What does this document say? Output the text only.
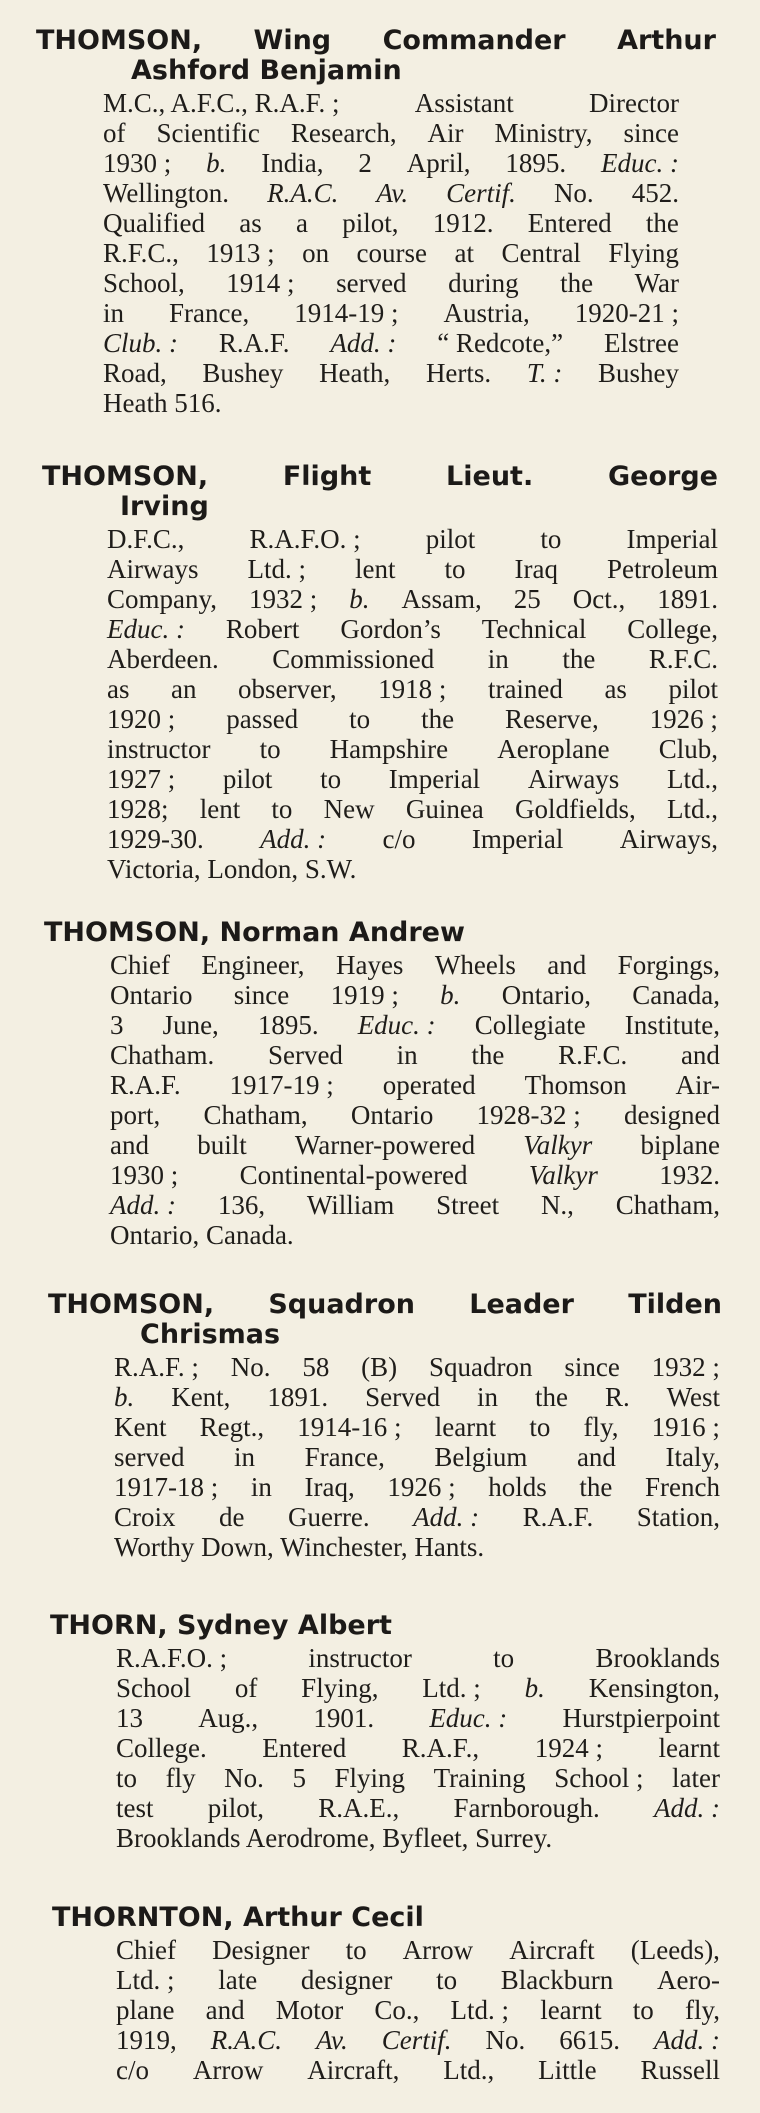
THOMSON, Wing Commander Arthur
Ashford Benjamin
M.C., A.F.C., R.A.F. ;	Assistant	Director
of Scientific Research, Air Ministry, since
1930 ; b. India, 2 April, 1895. Educ. :
Wellington. R.A.C. Av. Certif. No. 452.
Qualified as a pilot, 1912. Entered the
R.F.C., 1913 ; on course at Central Flying
School, 1914 ; served during the War
in France, 1914-19 ; Austria, 1920-21 ;
Club. : R.A.F. Add. : “ Redcote,” Elstree
Road, Bushey Heath, Herts. T. : Bushey
Heath 516.
THOMSON,	Flight	Lieut.	George
Irving
D.F.C., R.A.F.O. ; pilot to Imperial
Airways Ltd. ; lent to Iraq Petroleum
Company, 1932 ; b. Assam, 25 Oct., 1891.
Educ. : Robert Gordon’s Technical College,
Aberdeen. Commissioned in the R.F.C.
as an observer, 1918 ; trained as pilot
1920 ; passed to the Reserve, 1926 ;
instructor to Hampshire Aeroplane Club,
1927 ; pilot to Imperial Airways Ltd.,
1928; lent to New Guinea Goldfields, Ltd.,
1929-30. Add. : c/o Imperial Airways,
Victoria, London, S.W.
THOMSON, Norman Andrew
Chief Engineer, Hayes Wheels and Forgings,
Ontario since 1919 ; b. Ontario, Canada,
3 June, 1895. Educ. : Collegiate Institute,
Chatham. Served in the R.F.C. and
R.A.F. 1917-19 ; operated Thomson Air-
port, Chatham, Ontario 1928-32 ; designed
and built Warner-powered Valkyr biplane
1930 ; Continental-powered Valkyr 1932.
Add. : 136, William Street N., Chatham,
Ontario, Canada.
THOMSON, Squadron Leader Tilden
Chrismas
R.A.F. ; No. 58 (B) Squadron since 1932 ;
b. Kent, 1891. Served in the R. West
Kent Regt., 1914-16 ; learnt to fly, 1916 ;
served in France, Belgium and Italy,
1917-18 ; in Iraq, 1926 ; holds the French
Croix de Guerre. Add. : R.A.F. Station,
Worthy Down, Winchester, Hants.
THORN, Sydney Albert
R.A.F.O. ;	instructor	to	Brooklands
School of Flying, Ltd. ; b. Kensington,
13 Aug., 1901. Educ. : Hurstpierpoint
College. Entered R.A.F., 1924 ; learnt
to fly No. 5 Flying Training School ; later
test pilot, R.A.E., Farnborough. Add. :
Brooklands Aerodrome, Byfleet, Surrey.
THORNTON, Arthur Cecil
Chief Designer to Arrow Aircraft (Leeds),
Ltd. ; late designer to Blackburn Aero-
plane and Motor Co., Ltd. ; learnt to fly,
1919, R.A.C. Av. Certif. No. 6615. Add. :
c/o Arrow Aircraft, Ltd., Little Russell
